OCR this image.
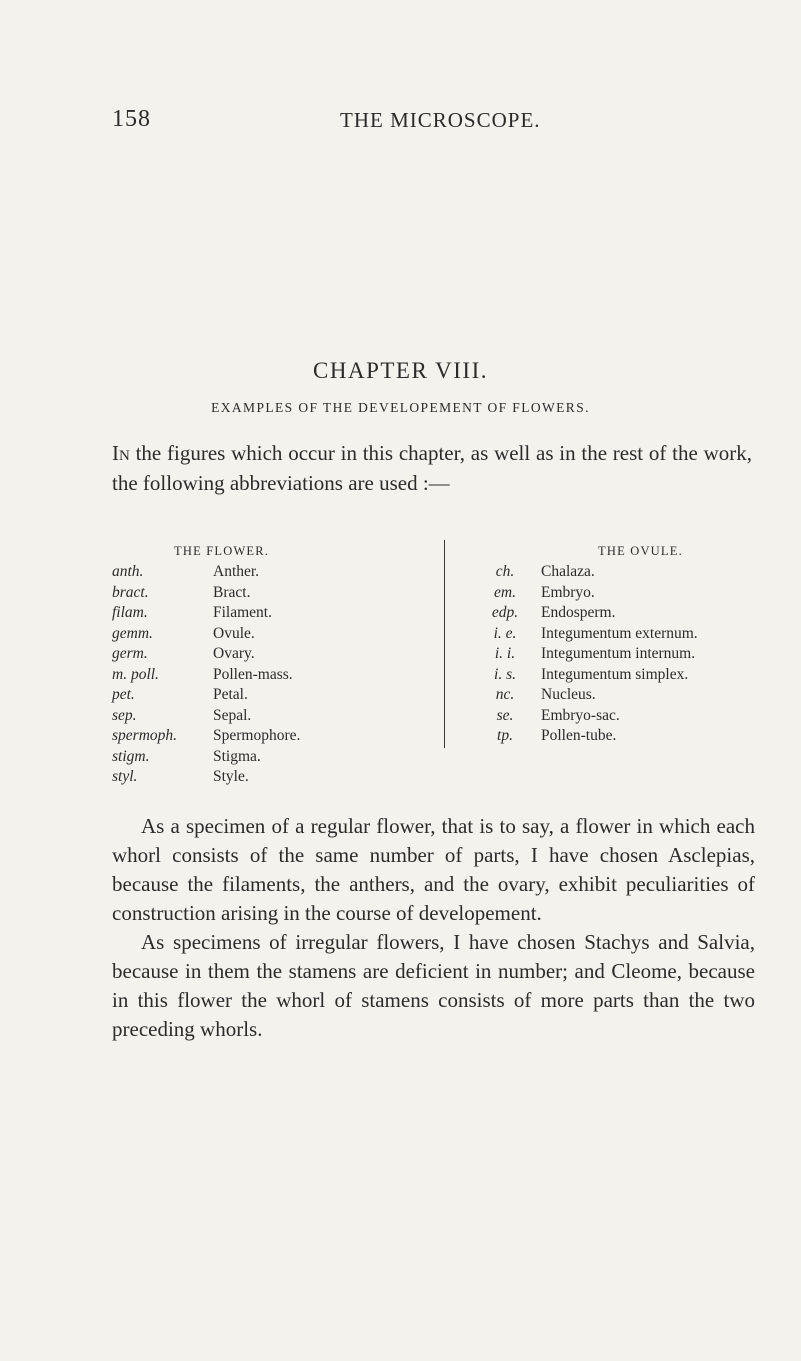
158	THE MICROSCOPE.
CHAPTER VIII.
EXAMPLES OF THE DEVELOPEMENT OF FLOWERS.
In the figures which occur in this chapter, as well as in the rest of the work, the following abbreviations are used :—
THE FLOWER.
anth.	Anther.
bract.	Bract.
filam.	Filament.
gemm.	Ovule.
germ.	Ovary.
m. poll.	Pollen-mass.
pet.	Petal.
sep.	Sepal.
spermoph. Spermophore.
stigm.	Stigma.
styl.	Style.
THE OVULE.
ch. Chalaza.
em. Embryo.
edp. Endosperm.
i. e. Integumentum externum.
i. i. Integumentum internum.
i. s. Integumentum simplex.
nc. Nucleus.
se. Embryo-sac.
tp. Pollen-tube.

As a specimen of a regular flower, that is to say, a flower in which each whorl consists of the same number of parts, I have chosen Asclepias, because the filaments, the anthers, and the ovary, exhibit peculiarities of construction arising in the course of developement.

As specimens of irregular flowers, I have chosen Stachys and Salvia, because in them the stamens are deficient in number; and Cleome, because in this flower the whorl of stamens consists of more parts than the two preceding whorls.
